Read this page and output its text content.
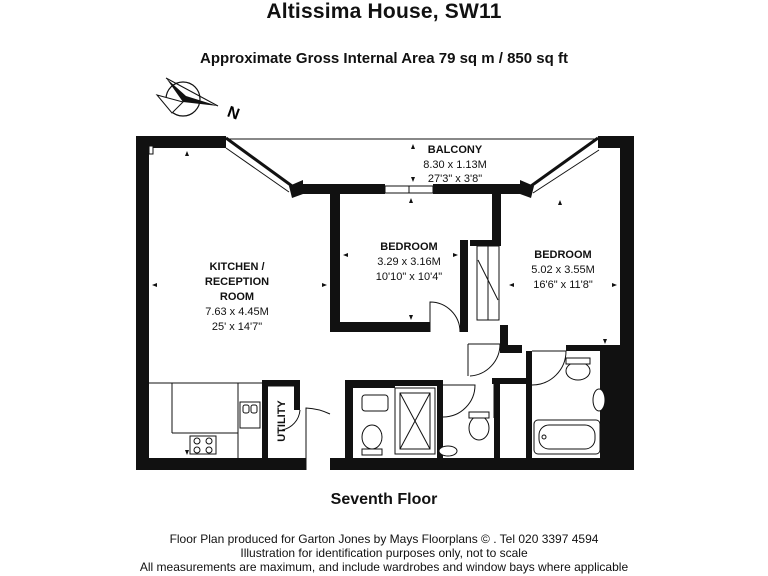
Altissima House, SW11
Approximate Gross Internal Area 79 sq m / 850 sq ft
N
BALCONY
8.30 x 1.13M
27'3" x 3'8"
BEDROOM
3.29 x 3.16M
10'10" x 10'4"
BEDROOM
5.02 x 3.55M
16'6" x 11'8"
KITCHEN /
RECEPTION
ROOM
7.63 x 4.45M
25' x 14'7"
UTILITY
Seventh Floor
Floor Plan produced for Garton Jones by Mays Floorplans © . Tel 020 3397 4594
Illustration for identification purposes only, not to scale
All measurements are maximum, and include wardrobes and window bays where applicable
